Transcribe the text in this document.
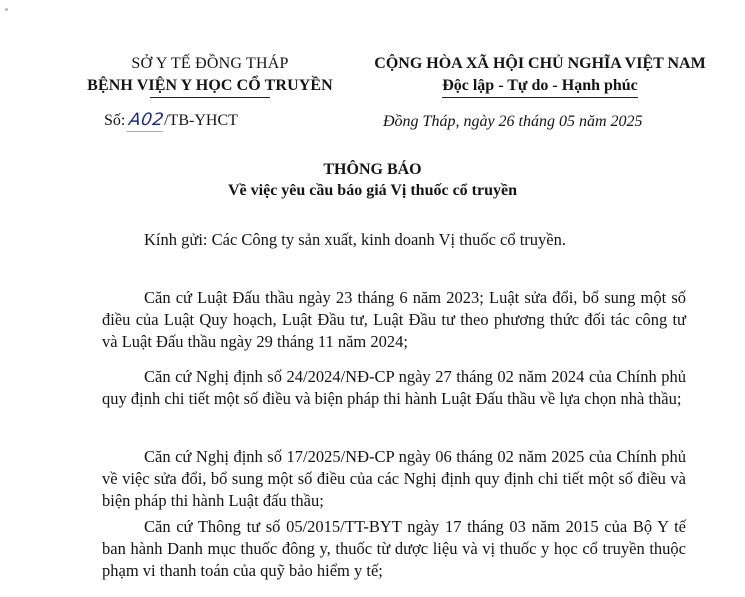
SỞ Y TẾ ĐỒNG THÁP
BỆNH VIỆN Y HỌC CỔ TRUYỀN
CỘNG HÒA XÃ HỘI CHỦ NGHĨA VIỆT NAM
Độc lập - Tự do - Hạnh phúc
Số: A02/TB-YHCT	Đồng Tháp, ngày 26 tháng 05 năm 2025
THÔNG BÁO
Về việc yêu cầu báo giá Vị thuốc cổ truyền
Kính gửi: Các Công ty sản xuất, kinh doanh Vị thuốc cổ truyền.
Căn cứ Luật Đấu thầu ngày 23 tháng 6 năm 2023; Luật sửa đổi, bổ sung một số điều của Luật Quy hoạch, Luật Đầu tư, Luật Đầu tư theo phương thức đối tác công tư và Luật Đấu thầu ngày 29 tháng 11 năm 2024;
Căn cứ Nghị định số 24/2024/NĐ-CP ngày 27 tháng 02 năm 2024 của Chính phủ quy định chi tiết một số điều và biện pháp thi hành Luật Đấu thầu về lựa chọn nhà thầu;
Căn cứ Nghị định số 17/2025/NĐ-CP ngày 06 tháng 02 năm 2025 của Chính phủ về việc sửa đổi, bổ sung một số điều của các Nghị định quy định chi tiết một số điều và biện pháp thi hành Luật đấu thầu;
Căn cứ Thông tư số 05/2015/TT-BYT ngày 17 tháng 03 năm 2015 của Bộ Y tế ban hành Danh mục thuốc đông y, thuốc từ dược liệu và vị thuốc y học cổ truyền thuộc phạm vi thanh toán của quỹ bảo hiểm y tế;
